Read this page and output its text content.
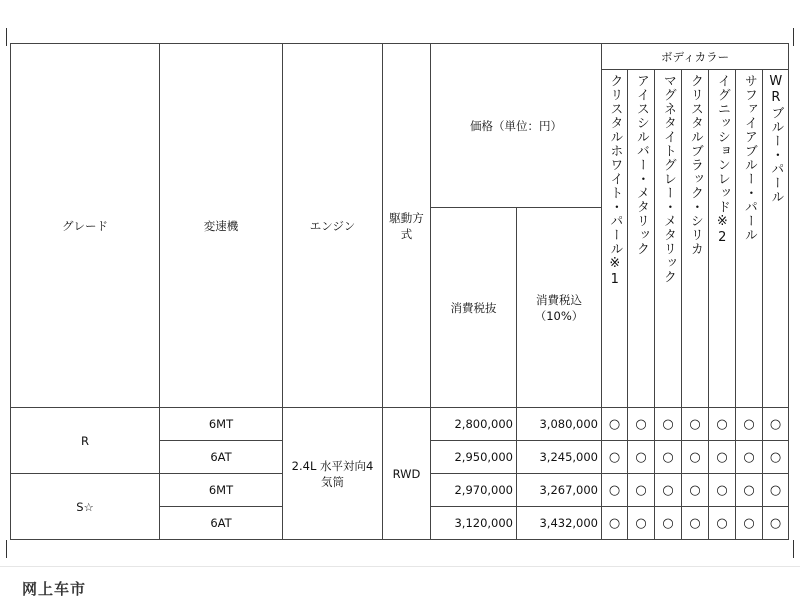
グレード	変速機	エンジン	駆動方式	価格（単位：円）		ボディカラー						
						クリスタルホワイト・パール※1	アイスシルバー・メタリック	マグネタイトグレー・メタリック	クリスタルブラック・シリカ	イグニッションレッド※2	サファイアブルー・パール	WRブルー・パール
				消費税抜	消費税込（10%）							
R	6MT	2.4L 水平対向4気筒	RWD	2,800,000	3,080,000	○	○	○	○	○	○	○
	6AT			2,950,000	3,245,000	○	○	○	○	○	○	○
S☆	6MT			2,970,000	3,267,000	○	○	○	○	○	○	○
	6AT			3,120,000	3,432,000	○	○	○	○	○	○	○
网上车市
